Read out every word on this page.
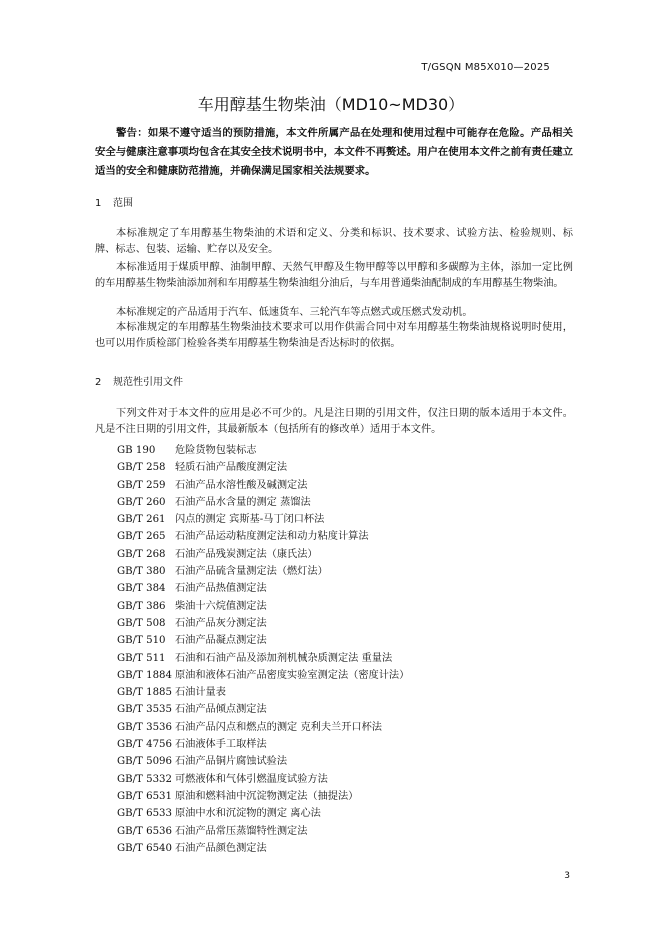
T/GSQN M85X010—2025
车用醇基生物柴油（MD10~MD30）
警告：如果不遵守适当的预防措施，本文件所属产品在处理和使用过程中可能存在危险。产品相关安全与健康注意事项均包含在其安全技术说明书中，本文件不再赘述。用户在使用本文件之前有责任建立适当的安全和健康防范措施，并确保满足国家相关法规要求。
1 范围
本标准规定了车用醇基生物柴油的术语和定义、分类和标识、技术要求、试验方法、检验规则、标牌、标志、包装、运输、贮存以及安全。
本标准适用于煤质甲醇、油制甲醇、天然气甲醇及生物甲醇等以甲醇和多碳醇为主体，添加一定比例的车用醇基生物柴油添加剂和车用醇基生物柴油组分油后，与车用普通柴油配制成的车用醇基生物柴油。
本标准规定的产品适用于汽车、低速货车、三轮汽车等点燃式或压燃式发动机。
本标准规定的车用醇基生物柴油技术要求可以用作供需合同中对车用醇基生物柴油规格说明时使用，也可以用作质检部门检验各类车用醇基生物柴油是否达标时的依据。
2 规范性引用文件
下列文件对于本文件的应用是必不可少的。凡是注日期的引用文件，仅注日期的版本适用于本文件。凡是不注日期的引用文件，其最新版本（包括所有的修改单）适用于本文件。
GB 190 危险货物包装标志
GB/T 258 轻质石油产品酸度测定法
GB/T 259 石油产品水溶性酸及碱测定法
GB/T 260 石油产品水含量的测定 蒸馏法
GB/T 261 闪点的测定 宾斯基-马丁闭口杯法
GB/T 265 石油产品运动粘度测定法和动力粘度计算法
GB/T 268 石油产品残炭测定法（康氏法）
GB/T 380 石油产品硫含量测定法（燃灯法）
GB/T 384 石油产品热值测定法
GB/T 386 柴油十六烷值测定法
GB/T 508 石油产品灰分测定法
GB/T 510 石油产品凝点测定法
GB/T 511 石油和石油产品及添加剂机械杂质测定法 重量法
GB/T 1884 原油和液体石油产品密度实验室测定法（密度计法）
GB/T 1885 石油计量表
GB/T 3535 石油产品倾点测定法
GB/T 3536 石油产品闪点和燃点的测定 克利夫兰开口杯法
GB/T 4756 石油液体手工取样法
GB/T 5096 石油产品铜片腐蚀试验法
GB/T 5332 可燃液体和气体引燃温度试验方法
GB/T 6531 原油和燃料油中沉淀物测定法（抽提法）
GB/T 6533 原油中水和沉淀物的测定 离心法
GB/T 6536 石油产品常压蒸馏特性测定法
GB/T 6540 石油产品颜色测定法
3
